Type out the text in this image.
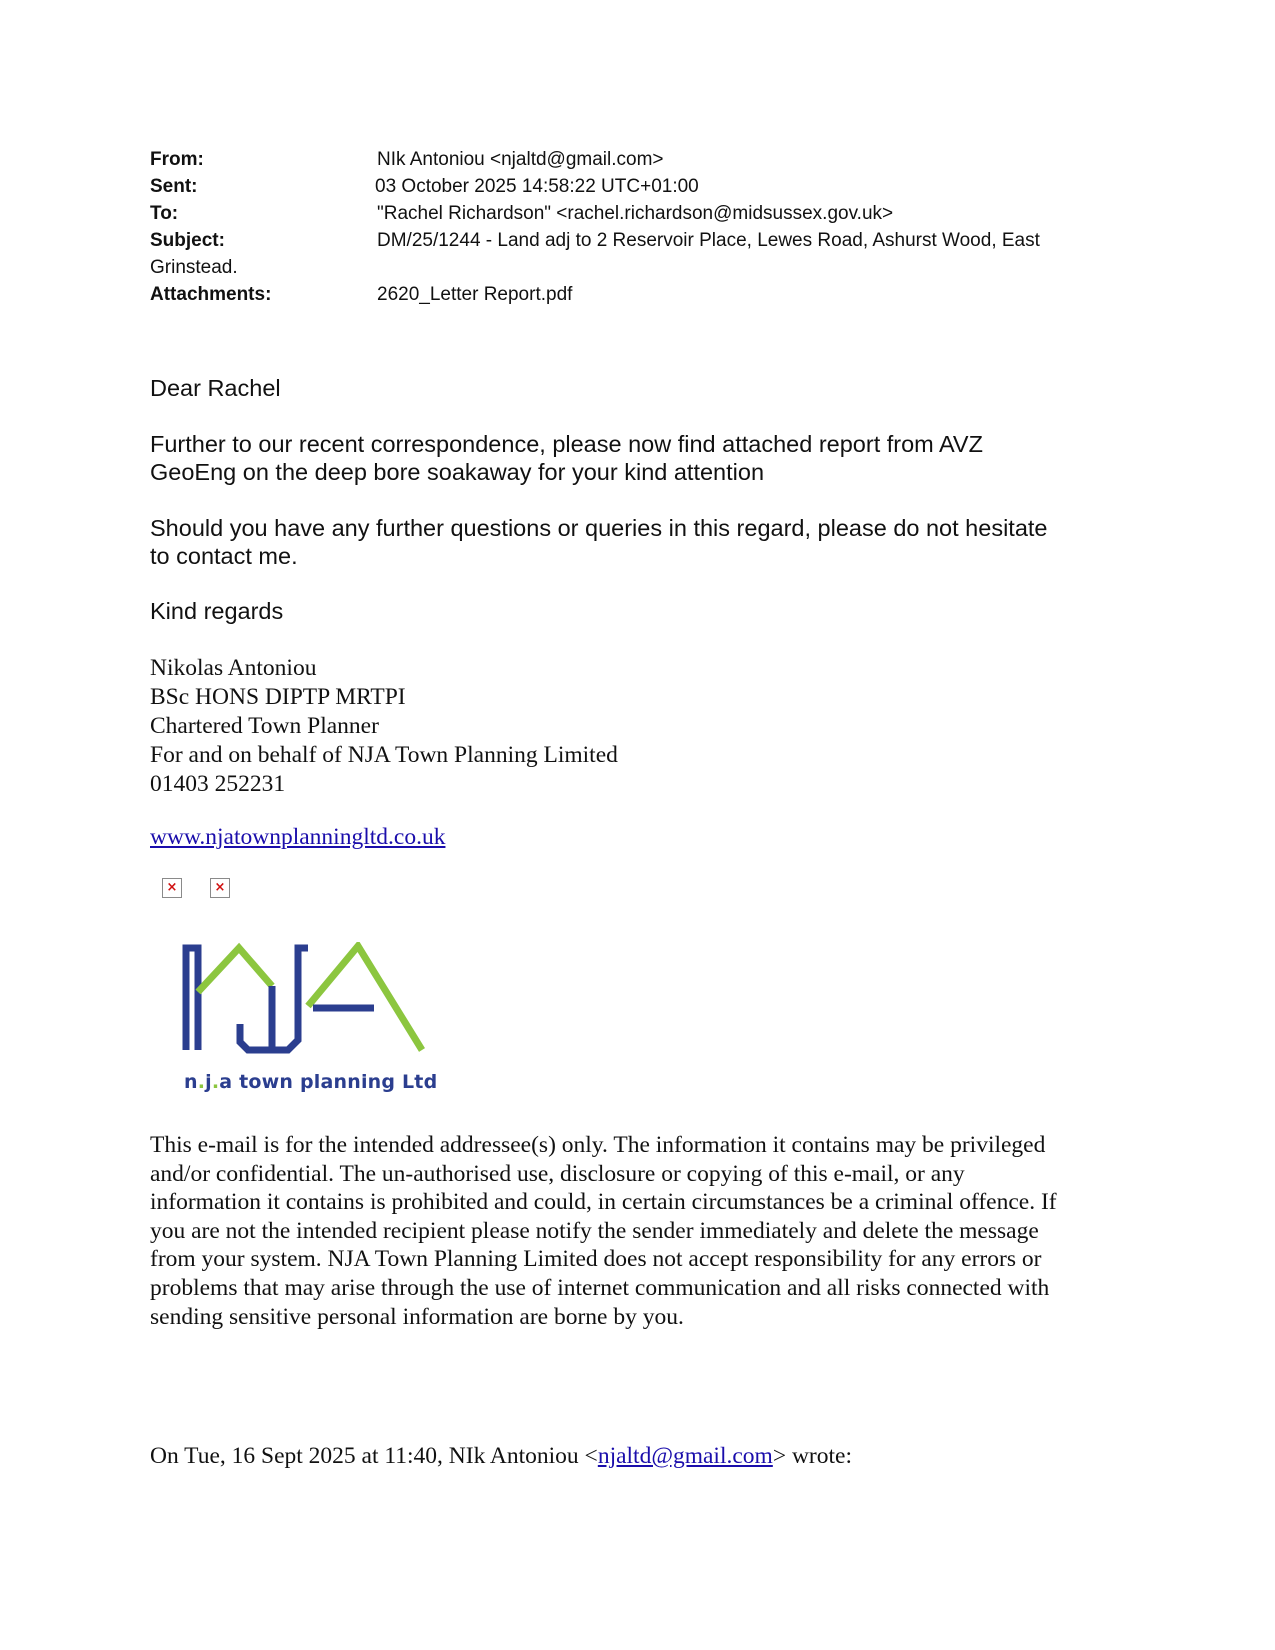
From:	NIk Antoniou <njaltd@gmail.com>
Sent:	03 October 2025 14:58:22 UTC+01:00
To:	"Rachel Richardson" <rachel.richardson@midsussex.gov.uk>
Subject:	DM/25/1244 - Land adj to 2 Reservoir Place, Lewes Road, Ashurst Wood, East
Grinstead.
Attachments:	2620_Letter Report.pdf
Dear Rachel
Further to our recent correspondence, please now find attached report from AVZ
GeoEng on the deep bore soakaway for your kind attention
Should you have any further questions or queries in this regard, please do not hesitate
to contact me.
Kind regards
Nikolas Antoniou
BSc HONS DIPTP MRTPI
Chartered Town Planner
For and on behalf of NJA Town Planning Limited
01403 252231
www.njatownplanningltd.co.uk
×	×
n.j.a town planning Ltd
This e-mail is for the intended addressee(s) only. The information it contains may be privileged
and/or confidential. The un-authorised use, disclosure or copying of this e-mail, or any
information it contains is prohibited and could, in certain circumstances be a criminal offence. If
you are not the intended recipient please notify the sender immediately and delete the message
from your system. NJA Town Planning Limited does not accept responsibility for any errors or
problems that may arise through the use of internet communication and all risks connected with
sending sensitive personal information are borne by you.
On Tue, 16 Sept 2025 at 11:40, NIk Antoniou <njaltd@gmail.com> wrote:
